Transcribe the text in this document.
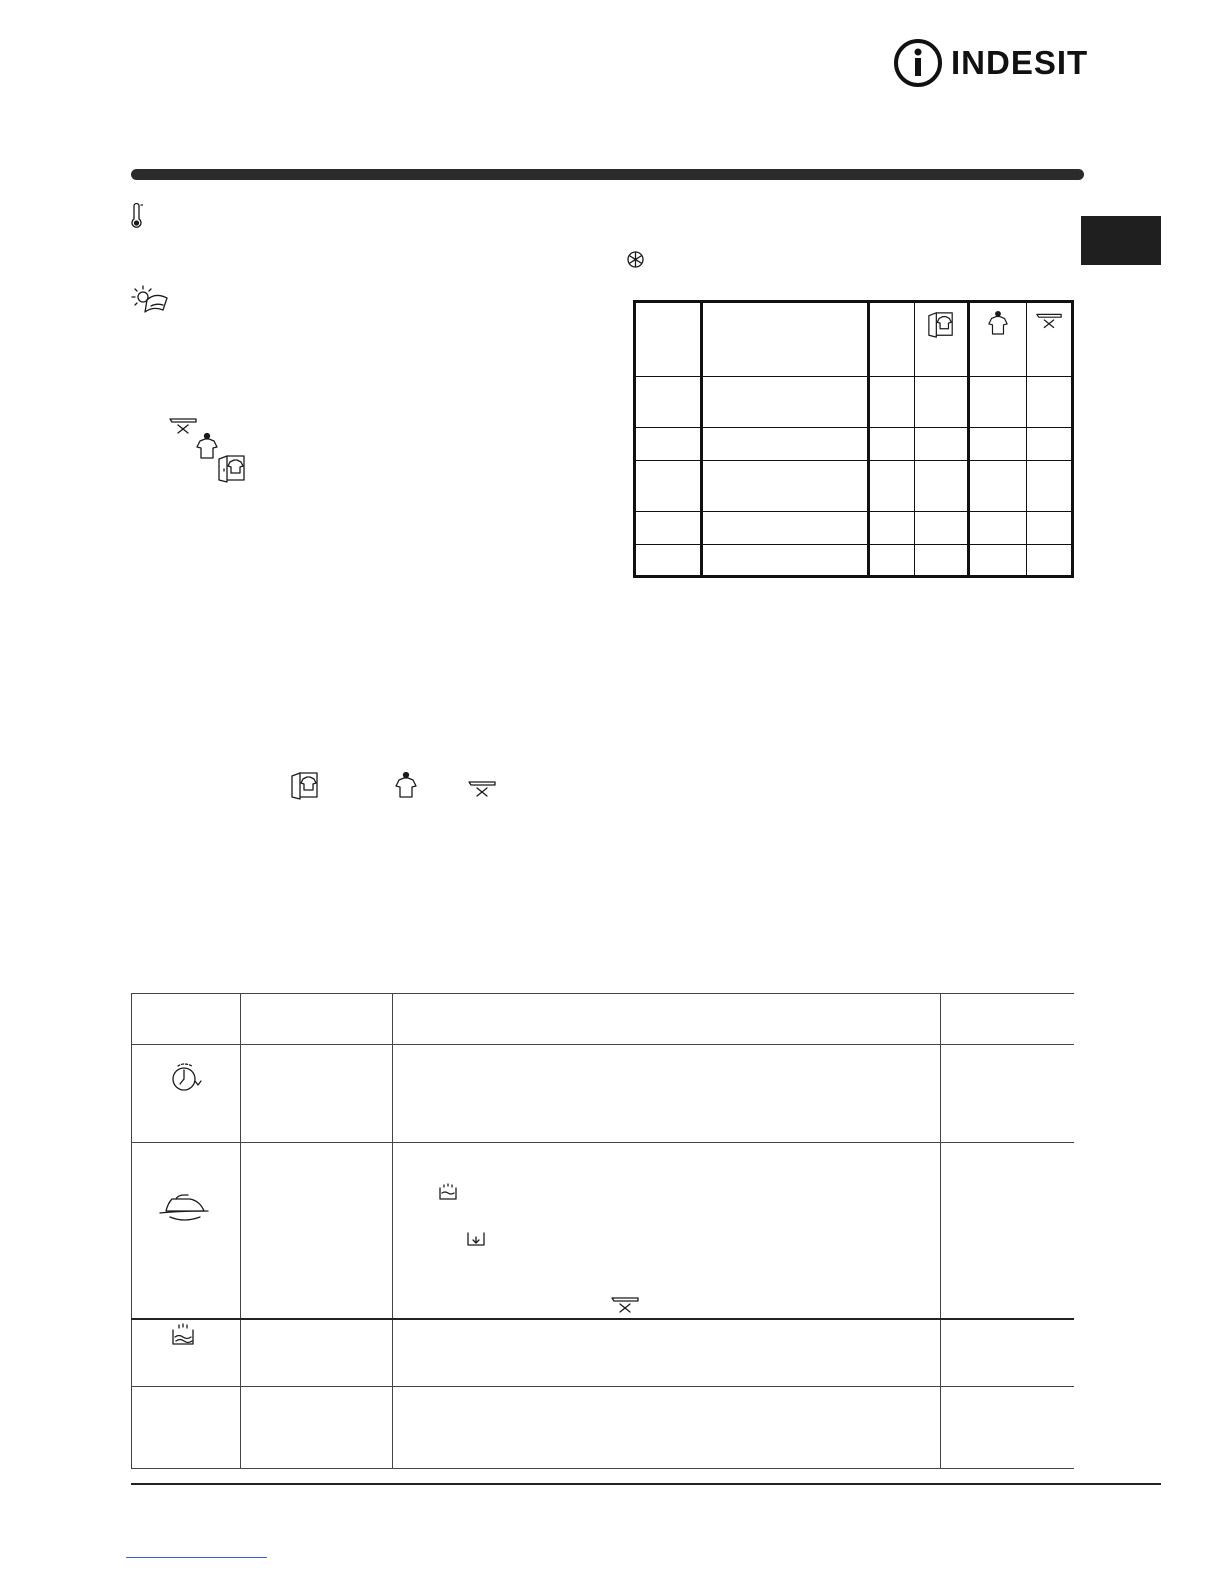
INDESIT
